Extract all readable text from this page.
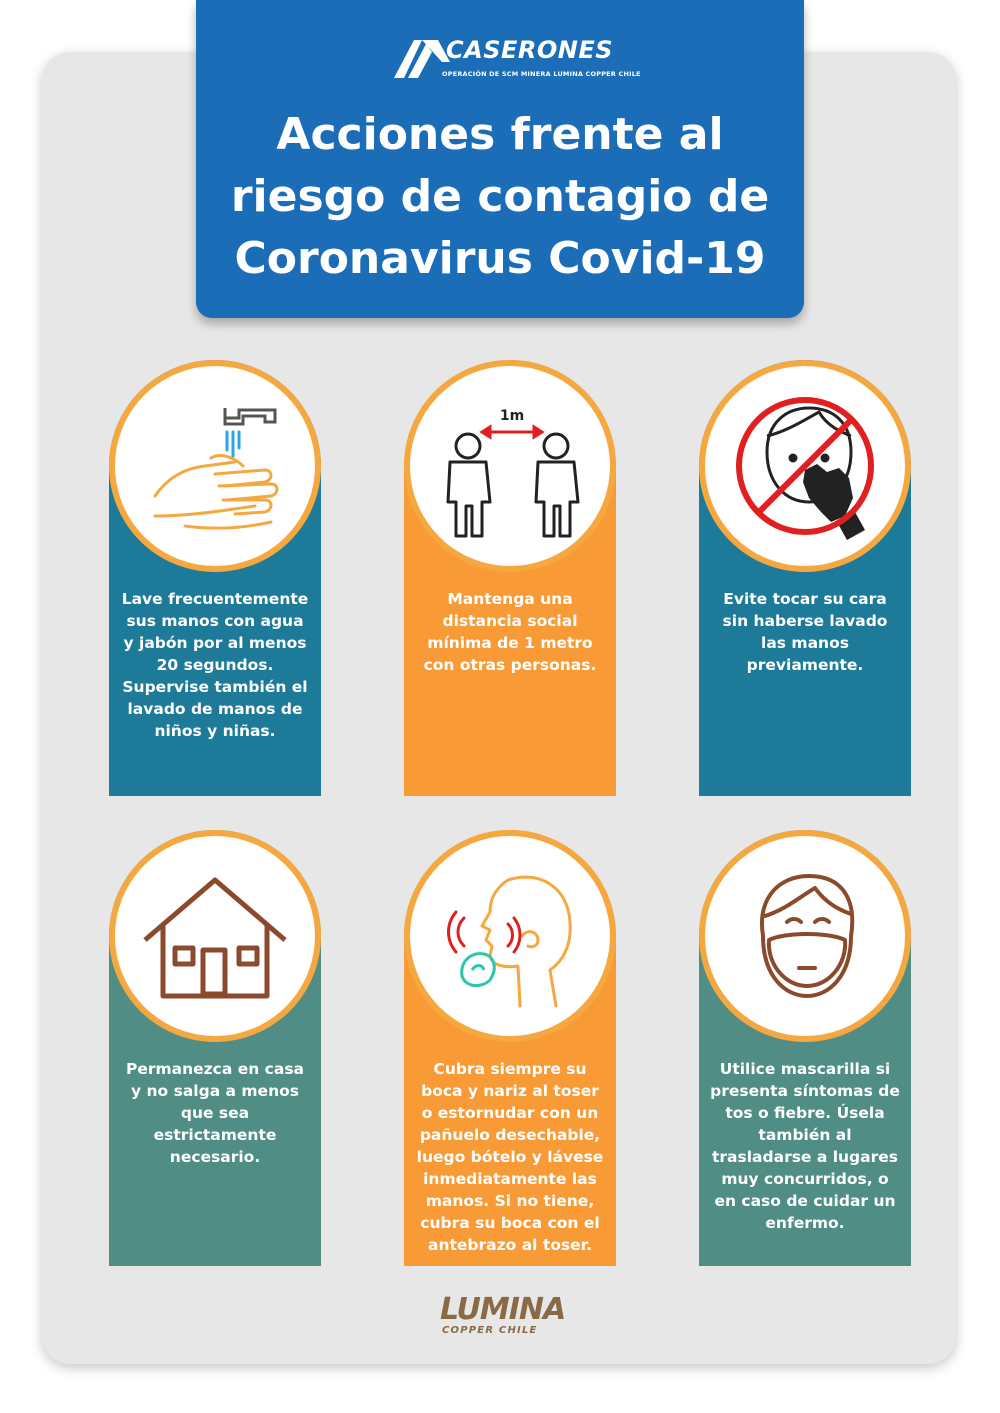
CASERONES
OPERACIÓN DE SCM MINERA LUMINA COPPER CHILE
Acciones frente al
riesgo de contagio de
Coronavirus Covid-19
Lave frecuentemente sus manos con agua y jabón por al menos 20 segundos. Supervise también el lavado de manos de niños y niñas.
1m
Mantenga una distancia social mínima de 1 metro con otras personas.
Evite tocar su cara sin haberse lavado las manos previamente.
Permanezca en casa y no salga a menos que sea estrictamente necesario.
Cubra siempre su boca y nariz al toser o estornudar con un pañuelo desechable, luego bótelo y lávese inmediatamente las manos. Si no tiene, cubra su boca con el antebrazo al toser.
Utilice mascarilla si presenta síntomas de tos o fiebre. Úsela también al trasladarse a lugares muy concurridos, o en caso de cuidar un enfermo.
LUMINA
COPPER CHILE
